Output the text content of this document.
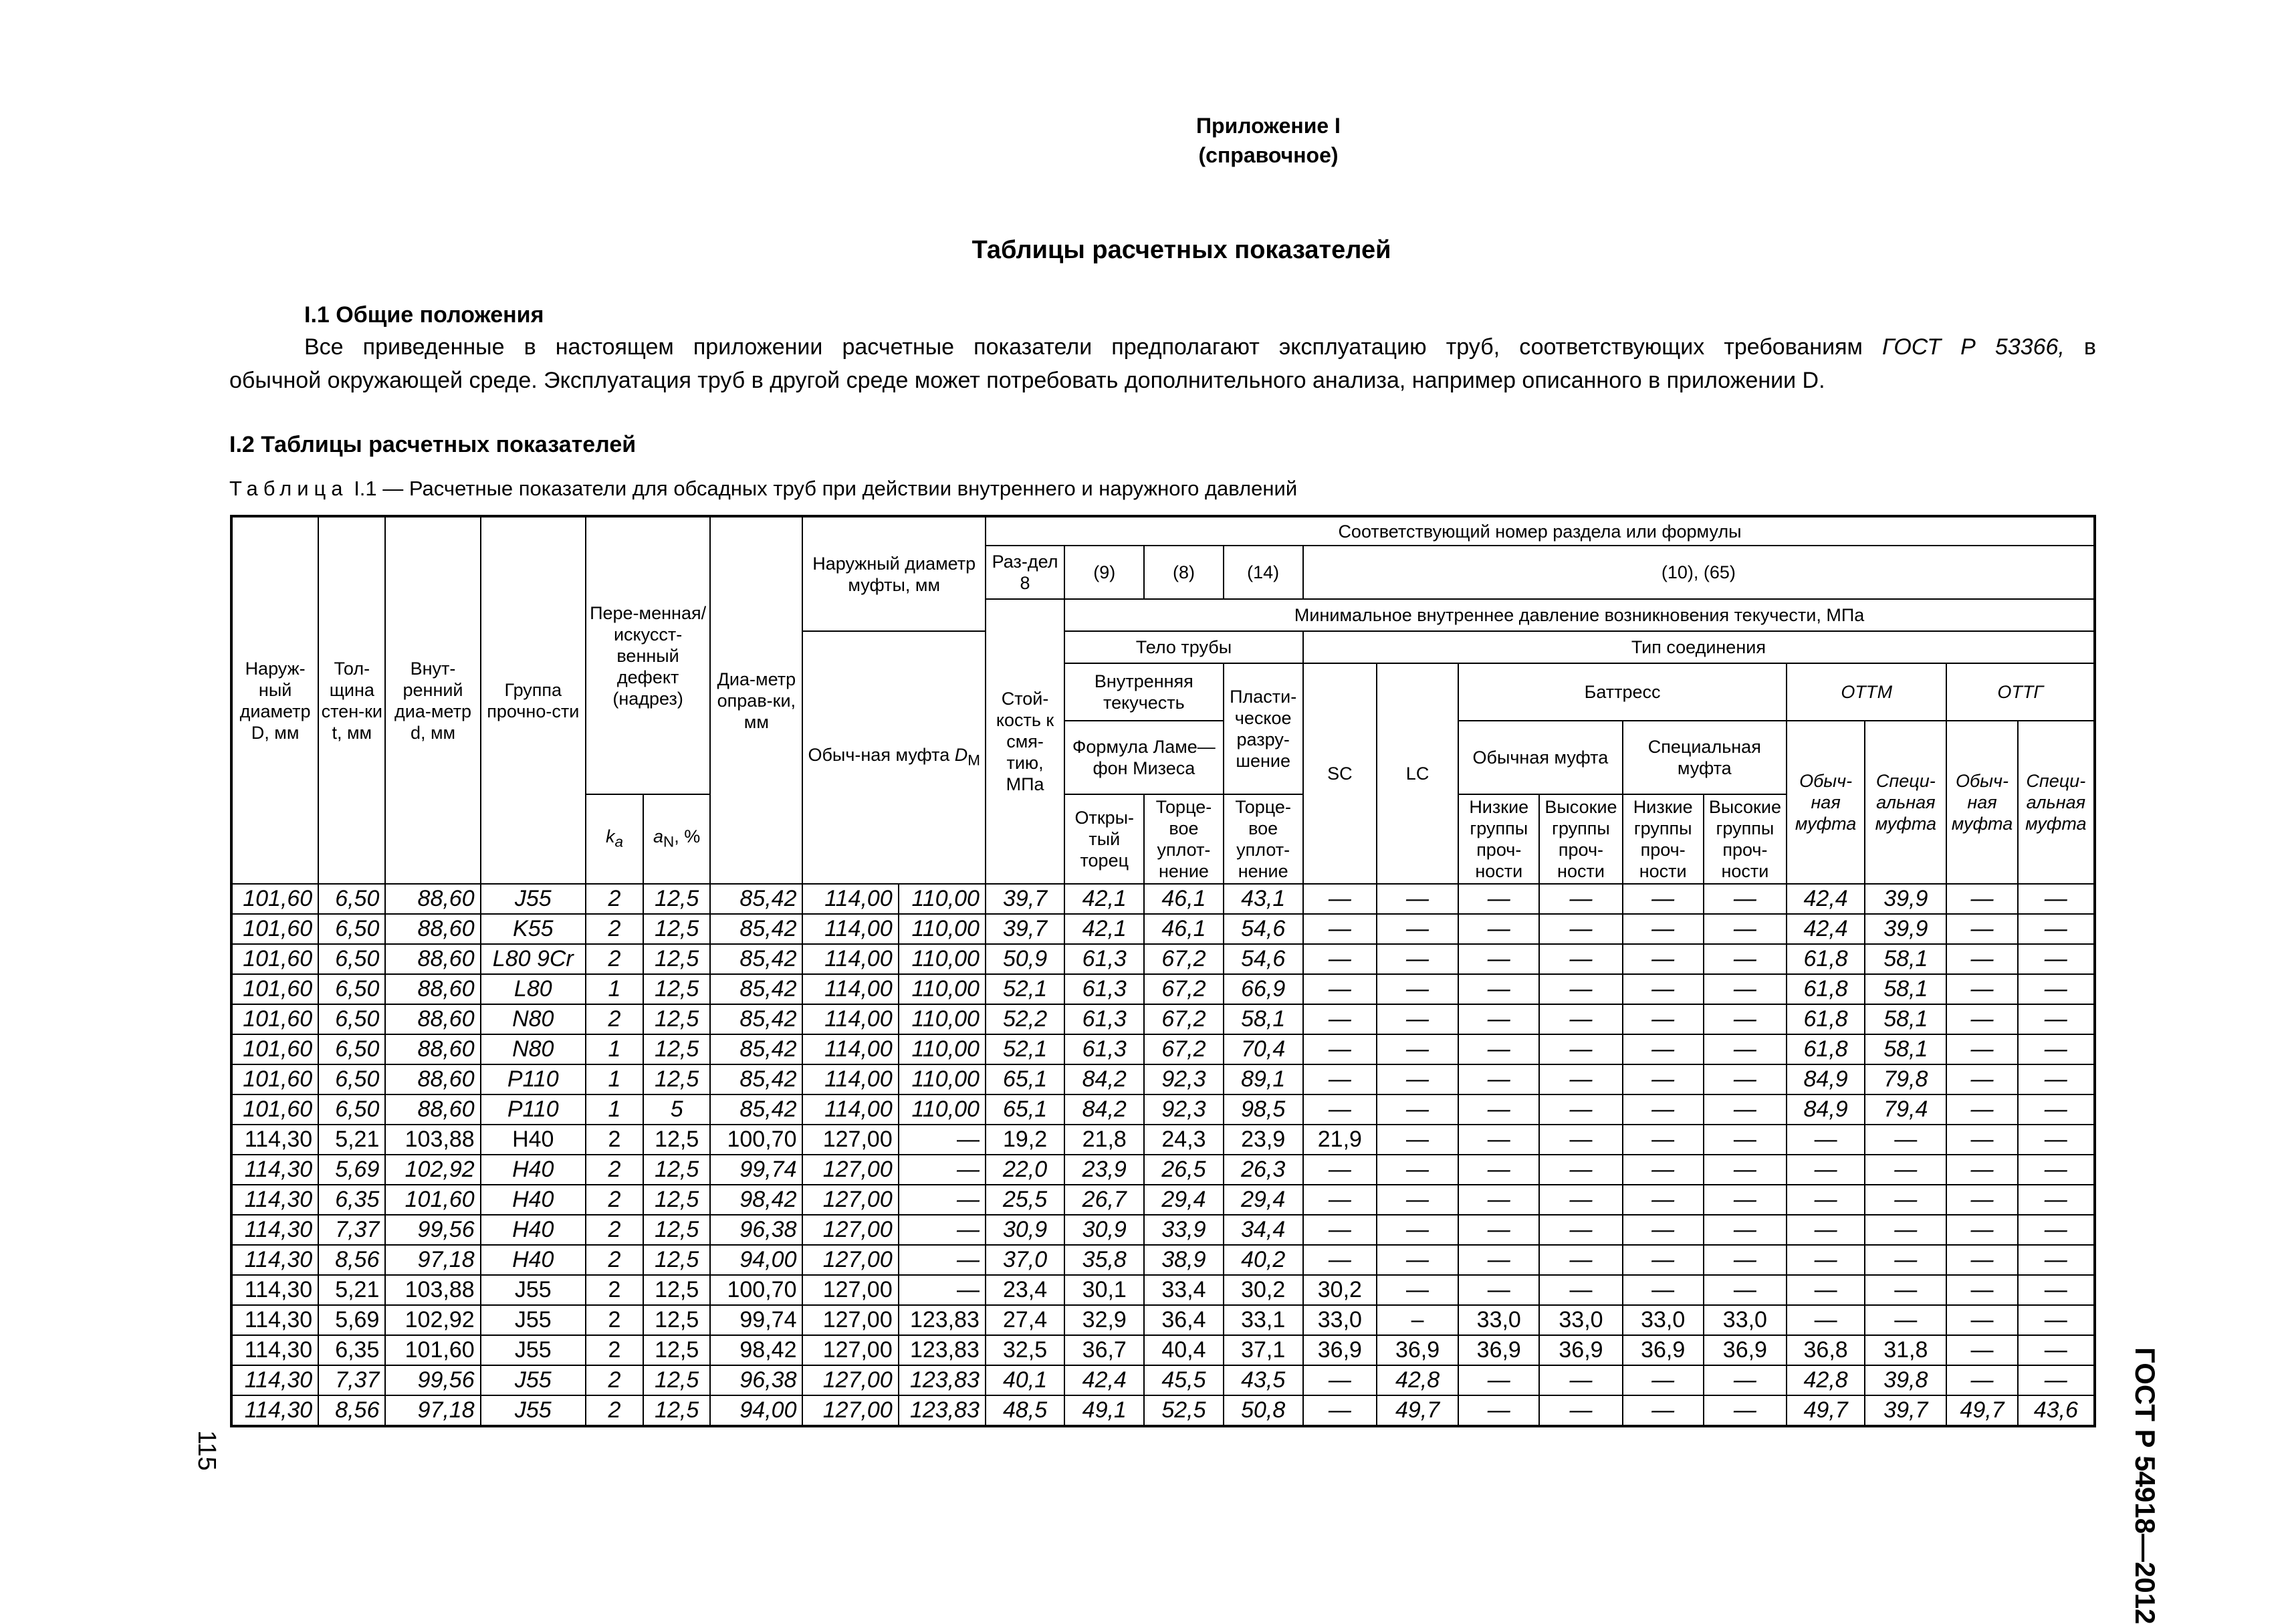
Приложение I
(справочное)
Таблицы расчетных показателей
I.1 Общие положения
Все приведенные в настоящем приложении расчетные показатели предполагают эксплуатацию труб, соответствующих требованиям ГОСТ Р 53366, в
обычной окружающей среде. Эксплуатация труб в другой среде может потребовать дополнительного анализа, например описанного в приложении D.
I.2 Таблицы расчетных показателей
Таблица I.1 — Расчетные показатели для обсадных труб при действии внутреннего и наружного давлений
Наруж-ный диаметр D, мм	Тол-щина стен-ки t, мм	Внут-ренний диа-метр d, мм	Группа прочно-сти	Пере-менная/ искусст-венный дефект (надрез)		Диа-метр оправ-ки, мм	Наружный диаметр муфты, мм		Соответствующий номер раздела или формулы													
									Раз-дел 8	(9)	(8)	(14)	(10), (65)									
									Стой-кость к смя-тию, МПа	Минимальное внутреннее давление возникновения текучести, МПа												
							Обыч-ная муфта $D_М$			Тело трубы			Тип соединения									
										Внутренняя текучесть		Пласти-ческое разру-шение	SC	LC	Баттресс				ОТТМ		ОТТГ	
										Формула Ламе—фон Мизеса					Обычная муфта		Специальная муфта		Обыч-ная муфта	Специ-альная муфта	Обыч-ная муфта	Специ-альная муфта
				$k_a$	$a_N$, %					Откры-тый торец	Торце-вое уплот-нение	Торце-вое уплот-нение			Низкие группы проч-ности	Высокие группы проч-ности	Низкие группы проч-ности	Высокие группы проч-ности				

101,60	6,50	88,60	J55	2	12,5	85,42	114,00	110,00	39,7	42,1	46,1	43,1	—	—	—	—	—	—	42,4	39,9	—	—
101,60	6,50	88,60	K55	2	12,5	85,42	114,00	110,00	39,7	42,1	46,1	54,6	—	—	—	—	—	—	42,4	39,9	—	—
101,60	6,50	88,60	L80 9Cr	2	12,5	85,42	114,00	110,00	50,9	61,3	67,2	54,6	—	—	—	—	—	—	61,8	58,1	—	—
101,60	6,50	88,60	L80	1	12,5	85,42	114,00	110,00	52,1	61,3	67,2	66,9	—	—	—	—	—	—	61,8	58,1	—	—
101,60	6,50	88,60	N80	2	12,5	85,42	114,00	110,00	52,2	61,3	67,2	58,1	—	—	—	—	—	—	61,8	58,1	—	—
101,60	6,50	88,60	N80	1	12,5	85,42	114,00	110,00	52,1	61,3	67,2	70,4	—	—	—	—	—	—	61,8	58,1	—	—
101,60	6,50	88,60	P110	1	12,5	85,42	114,00	110,00	65,1	84,2	92,3	89,1	—	—	—	—	—	—	84,9	79,8	—	—
101,60	6,50	88,60	P110	1	5	85,42	114,00	110,00	65,1	84,2	92,3	98,5	—	—	—	—	—	—	84,9	79,4	—	—
114,30	5,21	103,88	H40	2	12,5	100,70	127,00	—	19,2	21,8	24,3	23,9	21,9	—	—	—	—	—	—	—	—	—
114,30	5,69	102,92	H40	2	12,5	99,74	127,00	—	22,0	23,9	26,5	26,3	—	—	—	—	—	—	—	—	—	—
114,30	6,35	101,60	H40	2	12,5	98,42	127,00	—	25,5	26,7	29,4	29,4	—	—	—	—	—	—	—	—	—	—
114,30	7,37	99,56	H40	2	12,5	96,38	127,00	—	30,9	30,9	33,9	34,4	—	—	—	—	—	—	—	—	—	—
114,30	8,56	97,18	H40	2	12,5	94,00	127,00	—	37,0	35,8	38,9	40,2	—	—	—	—	—	—	—	—	—	—
114,30	5,21	103,88	J55	2	12,5	100,70	127,00	—	23,4	30,1	33,4	30,2	30,2	—	—	—	—	—	—	—	—	—
114,30	5,69	102,92	J55	2	12,5	99,74	127,00	123,83	27,4	32,9	36,4	33,1	33,0	–	33,0	33,0	33,0	33,0	—	—	—	—
114,30	6,35	101,60	J55	2	12,5	98,42	127,00	123,83	32,5	36,7	40,4	37,1	36,9	36,9	36,9	36,9	36,9	36,9	36,8	31,8	—	—
114,30	7,37	99,56	J55	2	12,5	96,38	127,00	123,83	40,1	42,4	45,5	43,5	—	42,8	—	—	—	—	42,8	39,8	—	—
114,30	8,56	97,18	J55	2	12,5	94,00	127,00	123,83	48,5	49,1	52,5	50,8	—	49,7	—	—	—	—	49,7	39,7	49,7	43,6
115	ГОСТ Р 54918—2012
